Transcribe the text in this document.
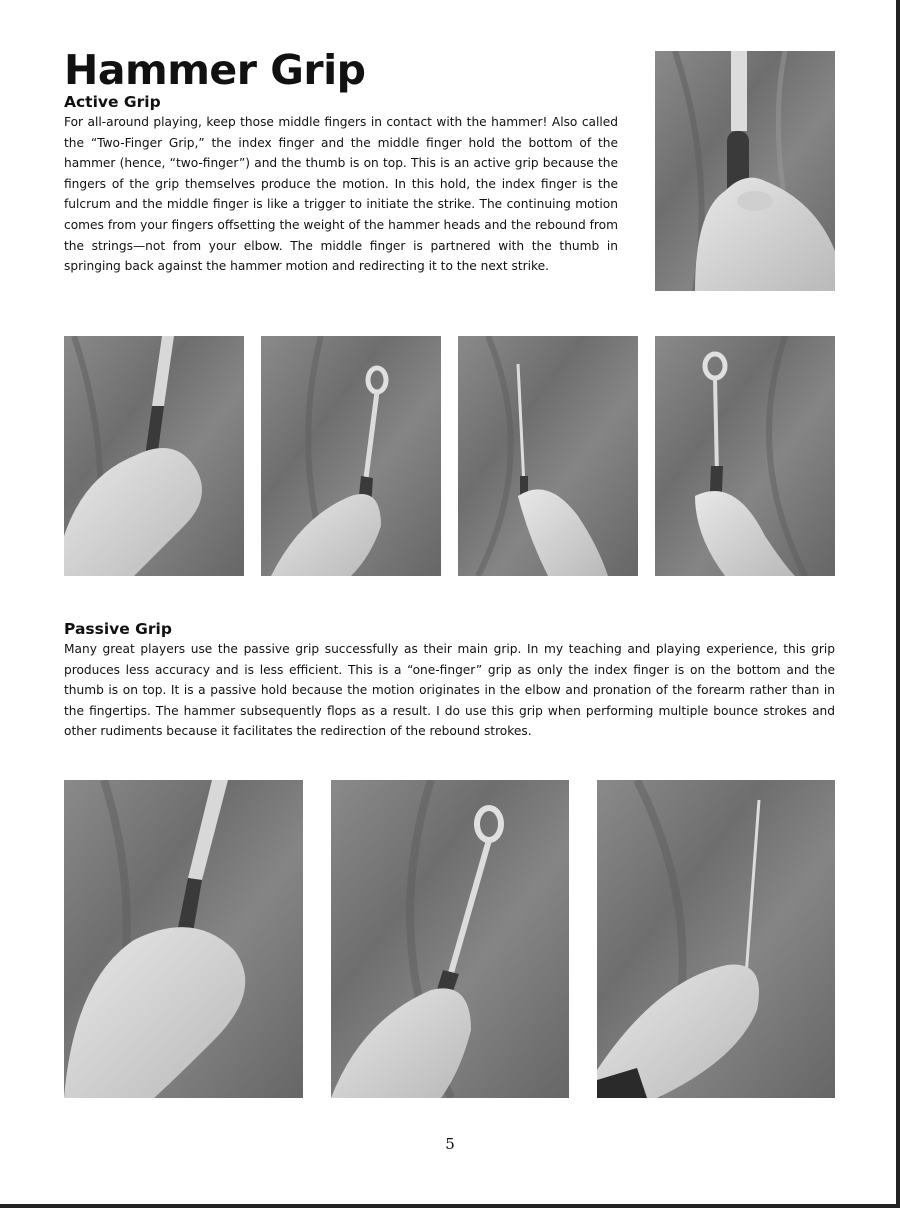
Hammer Grip
Active Grip

For all-around playing, keep those middle fingers in contact with the hammer! Also called the “Two-Finger Grip,” the index finger and the middle finger hold the bottom of the hammer (hence, “two-finger”) and the thumb is on top. This is an active grip because the fingers of the grip themselves produce the motion. In this hold, the index finger is the fulcrum and the middle finger is like a trigger to initiate the strike. The continuing motion comes from your fingers offsetting the weight of the hammer heads and the rebound from the strings—not from your elbow. The middle finger is partnered with the thumb in springing back against the hammer motion and redirecting it to the next strike.

Passive Grip

Many great players use the passive grip successfully as their main grip. In my teaching and playing experience, this grip produces less accuracy and is less efficient. This is a “one-finger” grip as only the index finger is on the bottom and the thumb is on top. It is a passive hold because the motion originates in the elbow and pronation of the forearm rather than in the fingertips. The hammer subsequently flops as a result. I do use this grip when performing multiple bounce strokes and other rudiments because it facilitates the redirection of the rebound strokes.

5
